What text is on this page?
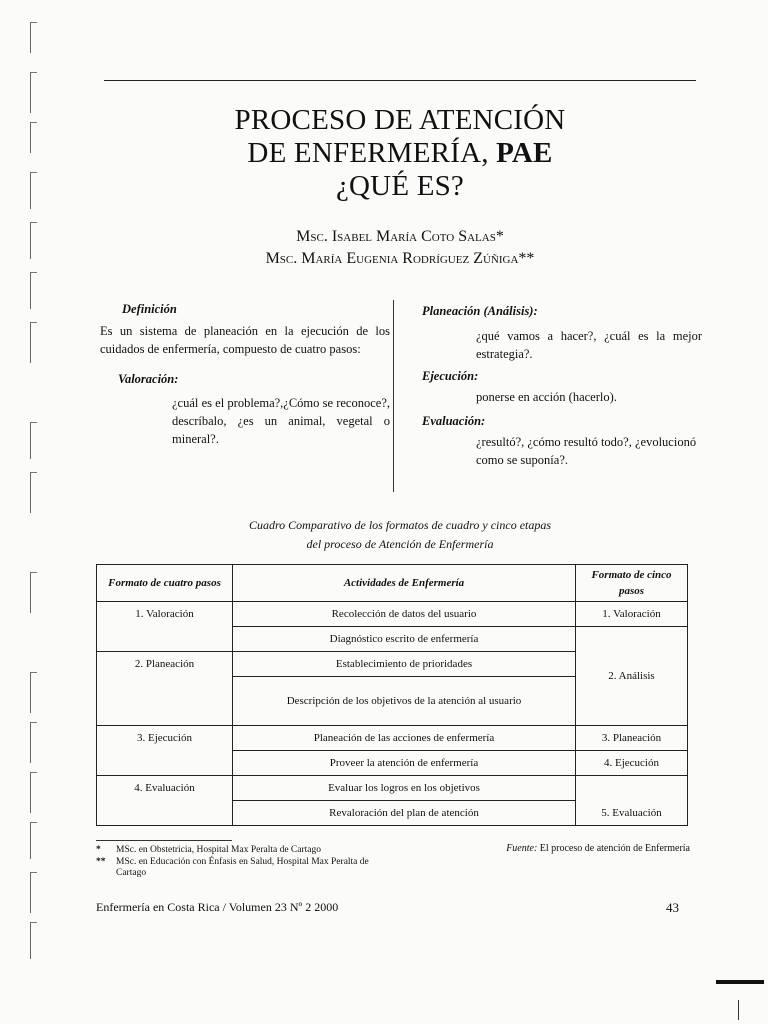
PROCESO DE ATENCIÓN
DE ENFERMERÍA, PAE
¿QUÉ ES?
Msc. Isabel María Coto Salas*
Msc. María Eugenia Rodríguez Zúñiga**
Definición

Es un sistema de planeación en la ejecución de los cuidados de enfermería, compuesto de cuatro pasos:

Valoración:

¿cuál es el problema?,¿Cómo se reconoce?, descríbalo, ¿es un animal, vegetal o mineral?.

Planeación (Análisis):

¿qué vamos a hacer?, ¿cuál es la mejor estrategia?.

Ejecución:

ponerse en acción (hacerlo).

Evaluación:

¿resultó?, ¿cómo resultó todo?, ¿evolucionó como se suponía?.

Cuadro Comparativo de los formatos de cuadro y cinco etapas
del proceso de Atención de Enfermería
Formato de cuatro pasos	Actividades de Enfermería	Formato de cinco pasos
1. Valoración	Recolección de datos del usuario	1. Valoración
	Diagnóstico escrito de enfermería	2. Análisis
2. Planeación	Establecimiento de prioridades	
	Descripción de los objetivos de la atención al usuario	
3. Ejecución	Planeación de las acciones de enfermería	3. Planeación
	Proveer la atención de enfermería	4. Ejecución
4. Evaluación	Evaluar los logros en los objetivos	5. Evaluación
	Revaloración del plan de atención	
* MSc. en Obstetricia, Hospital Max Peralta de Cartago
** MSc. en Educación con Énfasis en Salud, Hospital Max Peralta de Cartago
Fuente: El proceso de atención de Enfermería
Enfermería en Costa Rica / Volumen 23 Nº 2 2000	43
